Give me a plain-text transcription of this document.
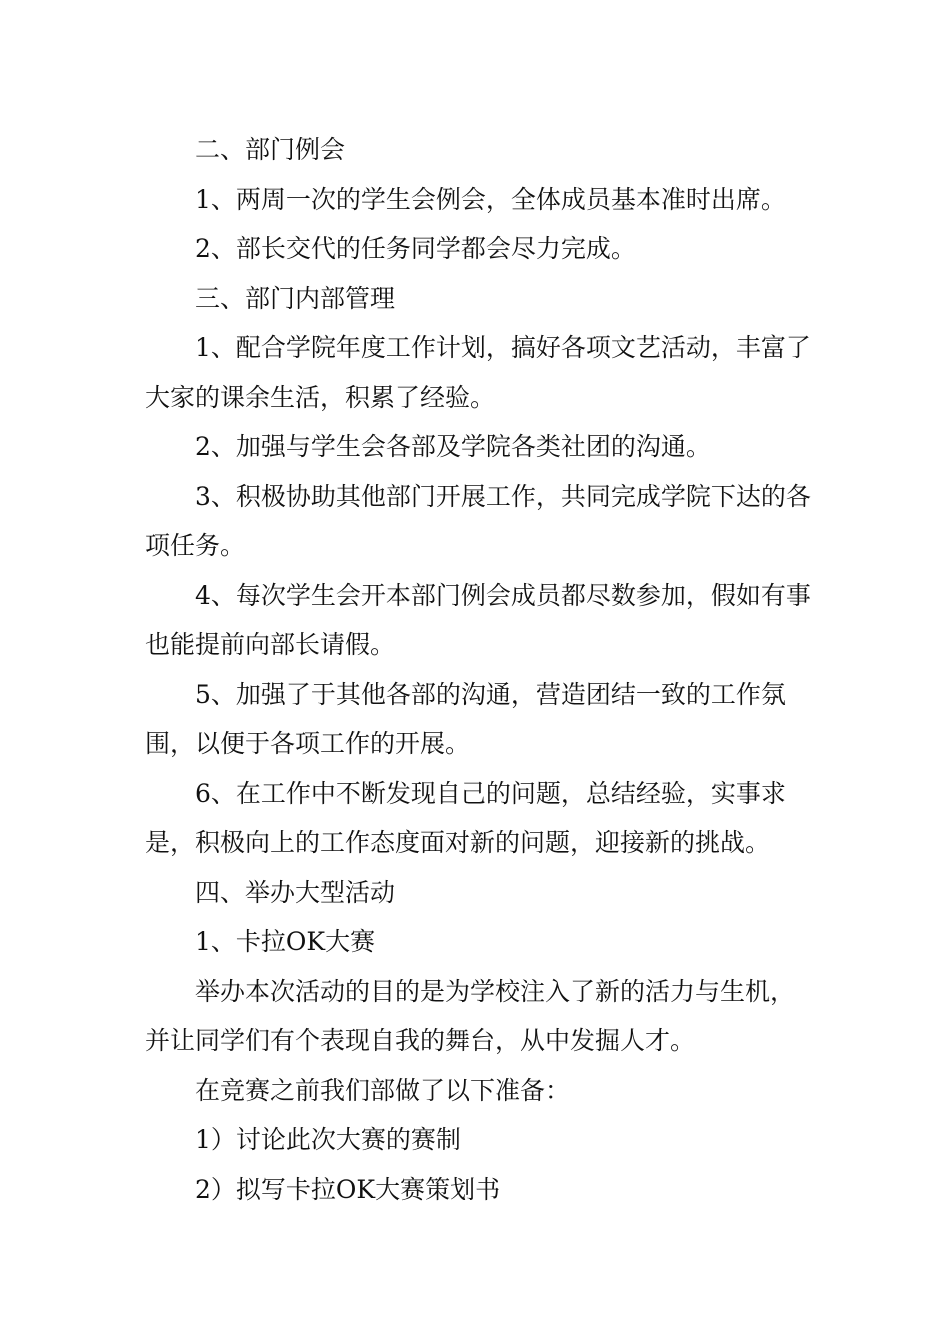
二、部门例会

1、两周一次的学生会例会，全体成员基本准时出席。

2、部长交代的任务同学都会尽力完成。

三、部门内部管理

1、配合学院年度工作计划，搞好各项文艺活动，丰富了大家的课余生活，积累了经验。

2、加强与学生会各部及学院各类社团的沟通。

3、积极协助其他部门开展工作，共同完成学院下达的各项任务。

4、每次学生会开本部门例会成员都尽数参加，假如有事也能提前向部长请假。

5、加强了于其他各部的沟通，营造团结一致的工作氛围，以便于各项工作的开展。

6、在工作中不断发现自己的问题，总结经验，实事求是，积极向上的工作态度面对新的问题，迎接新的挑战。

四、举办大型活动

1、卡拉OK大赛

举办本次活动的目的是为学校注入了新的活力与生机，并让同学们有个表现自我的舞台，从中发掘人才。

在竞赛之前我们部做了以下准备：

1）讨论此次大赛的赛制

2）拟写卡拉OK大赛策划书
